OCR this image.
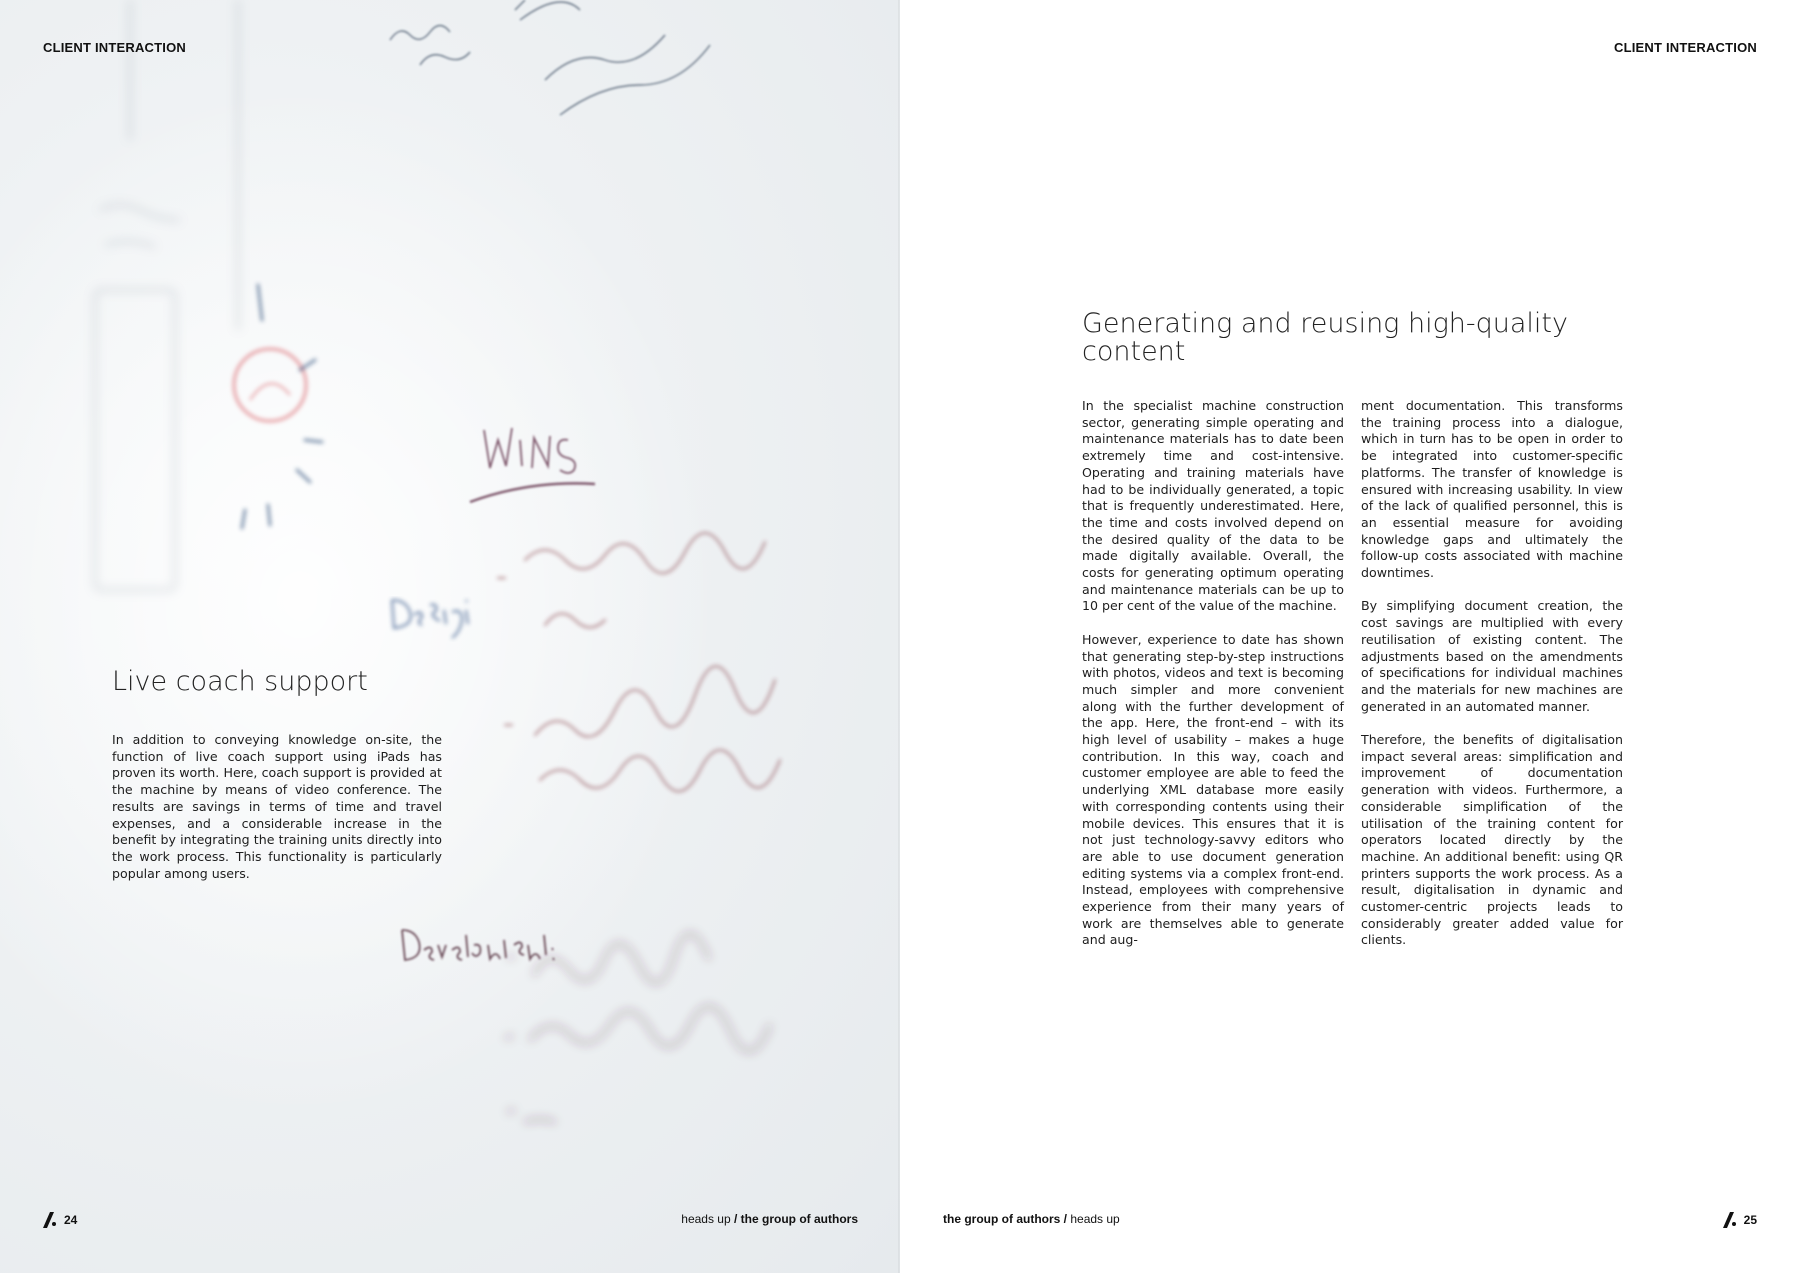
CLIENT INTERACTION
Live coach support

In addition to conveying knowledge on-site, the function of live coach support using iPads has proven its worth. Here, coach support is provided at the machine by means of video conference. The results are savings in terms of time and travel expenses, and a considerable increase in the benefit by integrating the training units directly into the work process. This functionality is particularly popular among users.

24	heads up / the group of authors
CLIENT INTERACTION
Generating and reusing high-quality content

In the specialist machine construction sector, generating simple operating and maintenance materials has to date been extremely time and cost-intensive. Operating and training materials have had to be individually generated, a topic that is frequently underestimated. Here, the time and costs involved depend on the desired quality of the data to be made digitally available. Overall, the costs for generating optimum operating and maintenance materials can be up to 10 per cent of the value of the machine.

However, experience to date has shown that generating step-by-step instructions with photos, videos and text is becoming much simpler and more convenient along with the further development of the app. Here, the front-end – with its high level of usability – makes a huge contribution. In this way, coach and customer employee are able to feed the underlying XML database more easily with corresponding contents using their mobile devices. This ensures that it is not just technology-savvy editors who are able to use document generation editing systems via a complex front-end. Instead, employees with comprehensive experience from their many years of work are themselves able to generate and aug-

ment documentation. This transforms the training process into a dialogue, which in turn has to be open in order to be integrated into customer-specific platforms. The transfer of knowledge is ensured with increasing usability. In view of the lack of qualified personnel, this is an essential measure for avoiding knowledge gaps and ultimately the follow-up costs associated with machine downtimes.

By simplifying document creation, the cost savings are multiplied with every reutilisation of existing content. The adjustments based on the amendments of specifications for individual machines and the materials for new machines are generated in an automated manner.

Therefore, the benefits of digitalisation impact several areas: simplification and improvement of documentation generation with videos. Furthermore, a considerable simplification of the utilisation of the training content for operators located directly by the machine. An additional benefit: using QR printers supports the work process. As a result, digitalisation in dynamic and customer-centric projects leads to considerably greater added value for clients.

the group of authors / heads up	25
